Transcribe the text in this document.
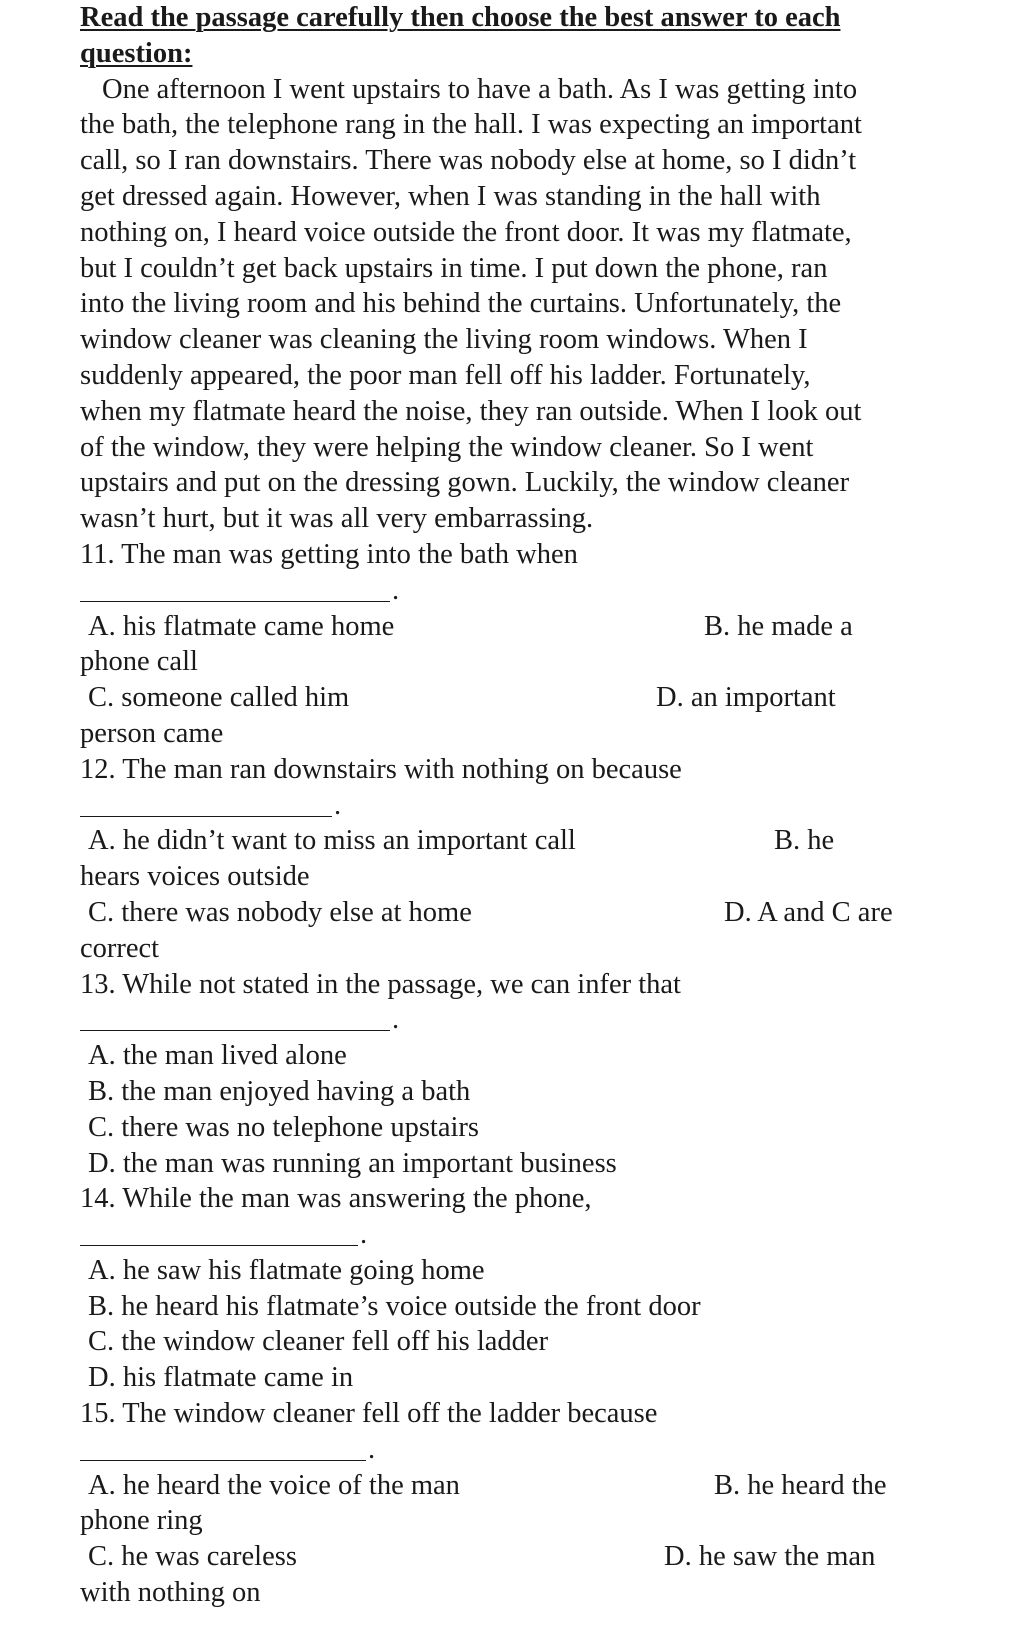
Read the passage carefully then choose the best answer to each question:

One afternoon I went upstairs to have a bath. As I was getting into
the bath, the telephone rang in the hall. I was expecting an important
call, so I ran downstairs. There was nobody else at home, so I didn’t
get dressed again. However, when I was standing in the hall with
nothing on, I heard voice outside the front door. It was my flatmate,
but I couldn’t get back upstairs in time. I put down the phone, ran
into the living room and his behind the curtains. Unfortunately, the
window cleaner was cleaning the living room windows. When I
suddenly appeared, the poor man fell off his ladder. Fortunately,
when my flatmate heard the noise, they ran outside. When I look out
of the window, they were helping the window cleaner. So I went
upstairs and put on the dressing gown. Luckily, the window cleaner
wasn’t hurt, but it was all very embarrassing.
11. The man was getting into the bath when
.
A. his flatmate came home	B. he made a
phone call
C. someone called him	D. an important
person came
12. The man ran downstairs with nothing on because
.
A. he didn’t want to miss an important call	B. he
hears voices outside
C. there was nobody else at home	D. A and C are
correct
13. While not stated in the passage, we can infer that
.
A. the man lived alone
B. the man enjoyed having a bath
C. there was no telephone upstairs
D. the man was running an important business
14. While the man was answering the phone,
.
A. he saw his flatmate going home
B. he heard his flatmate’s voice outside the front door
C. the window cleaner fell off his ladder
D. his flatmate came in
15. The window cleaner fell off the ladder because
.
A. he heard the voice of the man	B. he heard the
phone ring
C. he was careless	D. he saw the man
with nothing on
